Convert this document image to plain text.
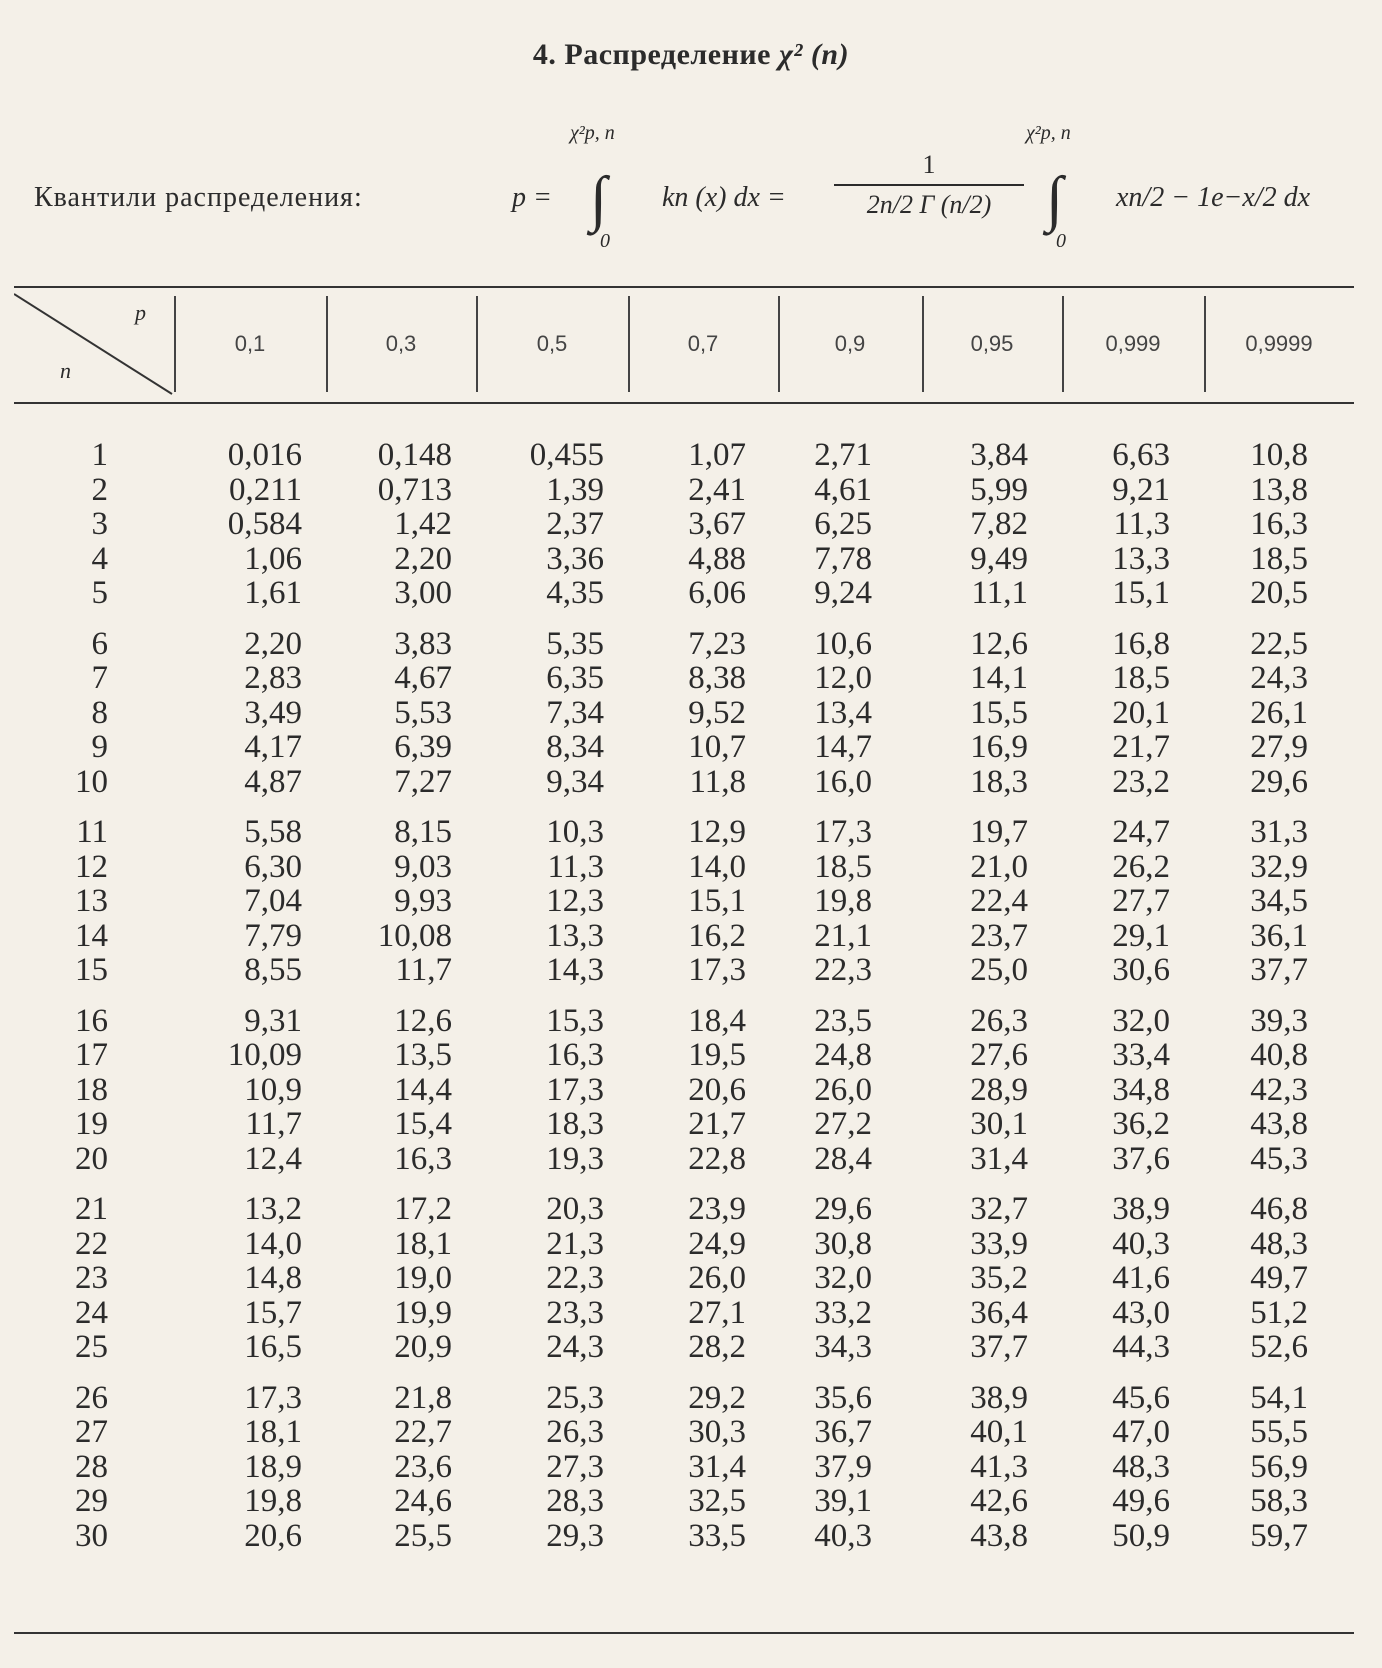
4. Распределение χ² (n)
Квантили распределения:	p =
χ²p, n
∫
0
kn (x) dx =
1
2n/2 Γ (n/2)
χ²p, n
∫
0
xn/2 − 1e−x/2 dx
p
n
0,1	0,3	0,5	0,7	0,9	0,95	0,999	0,9999
1	0,016	0,148	0,455	1,07	2,71	3,84	6,63	10,8
2	0,211	0,713	1,39	2,41	4,61	5,99	9,21	13,8
3	0,584	1,42	2,37	3,67	6,25	7,82	11,3	16,3
4	1,06	2,20	3,36	4,88	7,78	9,49	13,3	18,5
5	1,61	3,00	4,35	6,06	9,24	11,1	15,1	20,5
6	2,20	3,83	5,35	7,23	10,6	12,6	16,8	22,5
7	2,83	4,67	6,35	8,38	12,0	14,1	18,5	24,3
8	3,49	5,53	7,34	9,52	13,4	15,5	20,1	26,1
9	4,17	6,39	8,34	10,7	14,7	16,9	21,7	27,9
10	4,87	7,27	9,34	11,8	16,0	18,3	23,2	29,6
11	5,58	8,15	10,3	12,9	17,3	19,7	24,7	31,3
12	6,30	9,03	11,3	14,0	18,5	21,0	26,2	32,9
13	7,04	9,93	12,3	15,1	19,8	22,4	27,7	34,5
14	7,79	10,08	13,3	16,2	21,1	23,7	29,1	36,1
15	8,55	11,7	14,3	17,3	22,3	25,0	30,6	37,7
16	9,31	12,6	15,3	18,4	23,5	26,3	32,0	39,3
17	10,09	13,5	16,3	19,5	24,8	27,6	33,4	40,8
18	10,9	14,4	17,3	20,6	26,0	28,9	34,8	42,3
19	11,7	15,4	18,3	21,7	27,2	30,1	36,2	43,8
20	12,4	16,3	19,3	22,8	28,4	31,4	37,6	45,3
21	13,2	17,2	20,3	23,9	29,6	32,7	38,9	46,8
22	14,0	18,1	21,3	24,9	30,8	33,9	40,3	48,3
23	14,8	19,0	22,3	26,0	32,0	35,2	41,6	49,7
24	15,7	19,9	23,3	27,1	33,2	36,4	43,0	51,2
25	16,5	20,9	24,3	28,2	34,3	37,7	44,3	52,6
26	17,3	21,8	25,3	29,2	35,6	38,9	45,6	54,1
27	18,1	22,7	26,3	30,3	36,7	40,1	47,0	55,5
28	18,9	23,6	27,3	31,4	37,9	41,3	48,3	56,9
29	19,8	24,6	28,3	32,5	39,1	42,6	49,6	58,3
30	20,6	25,5	29,3	33,5	40,3	43,8	50,9	59,7
